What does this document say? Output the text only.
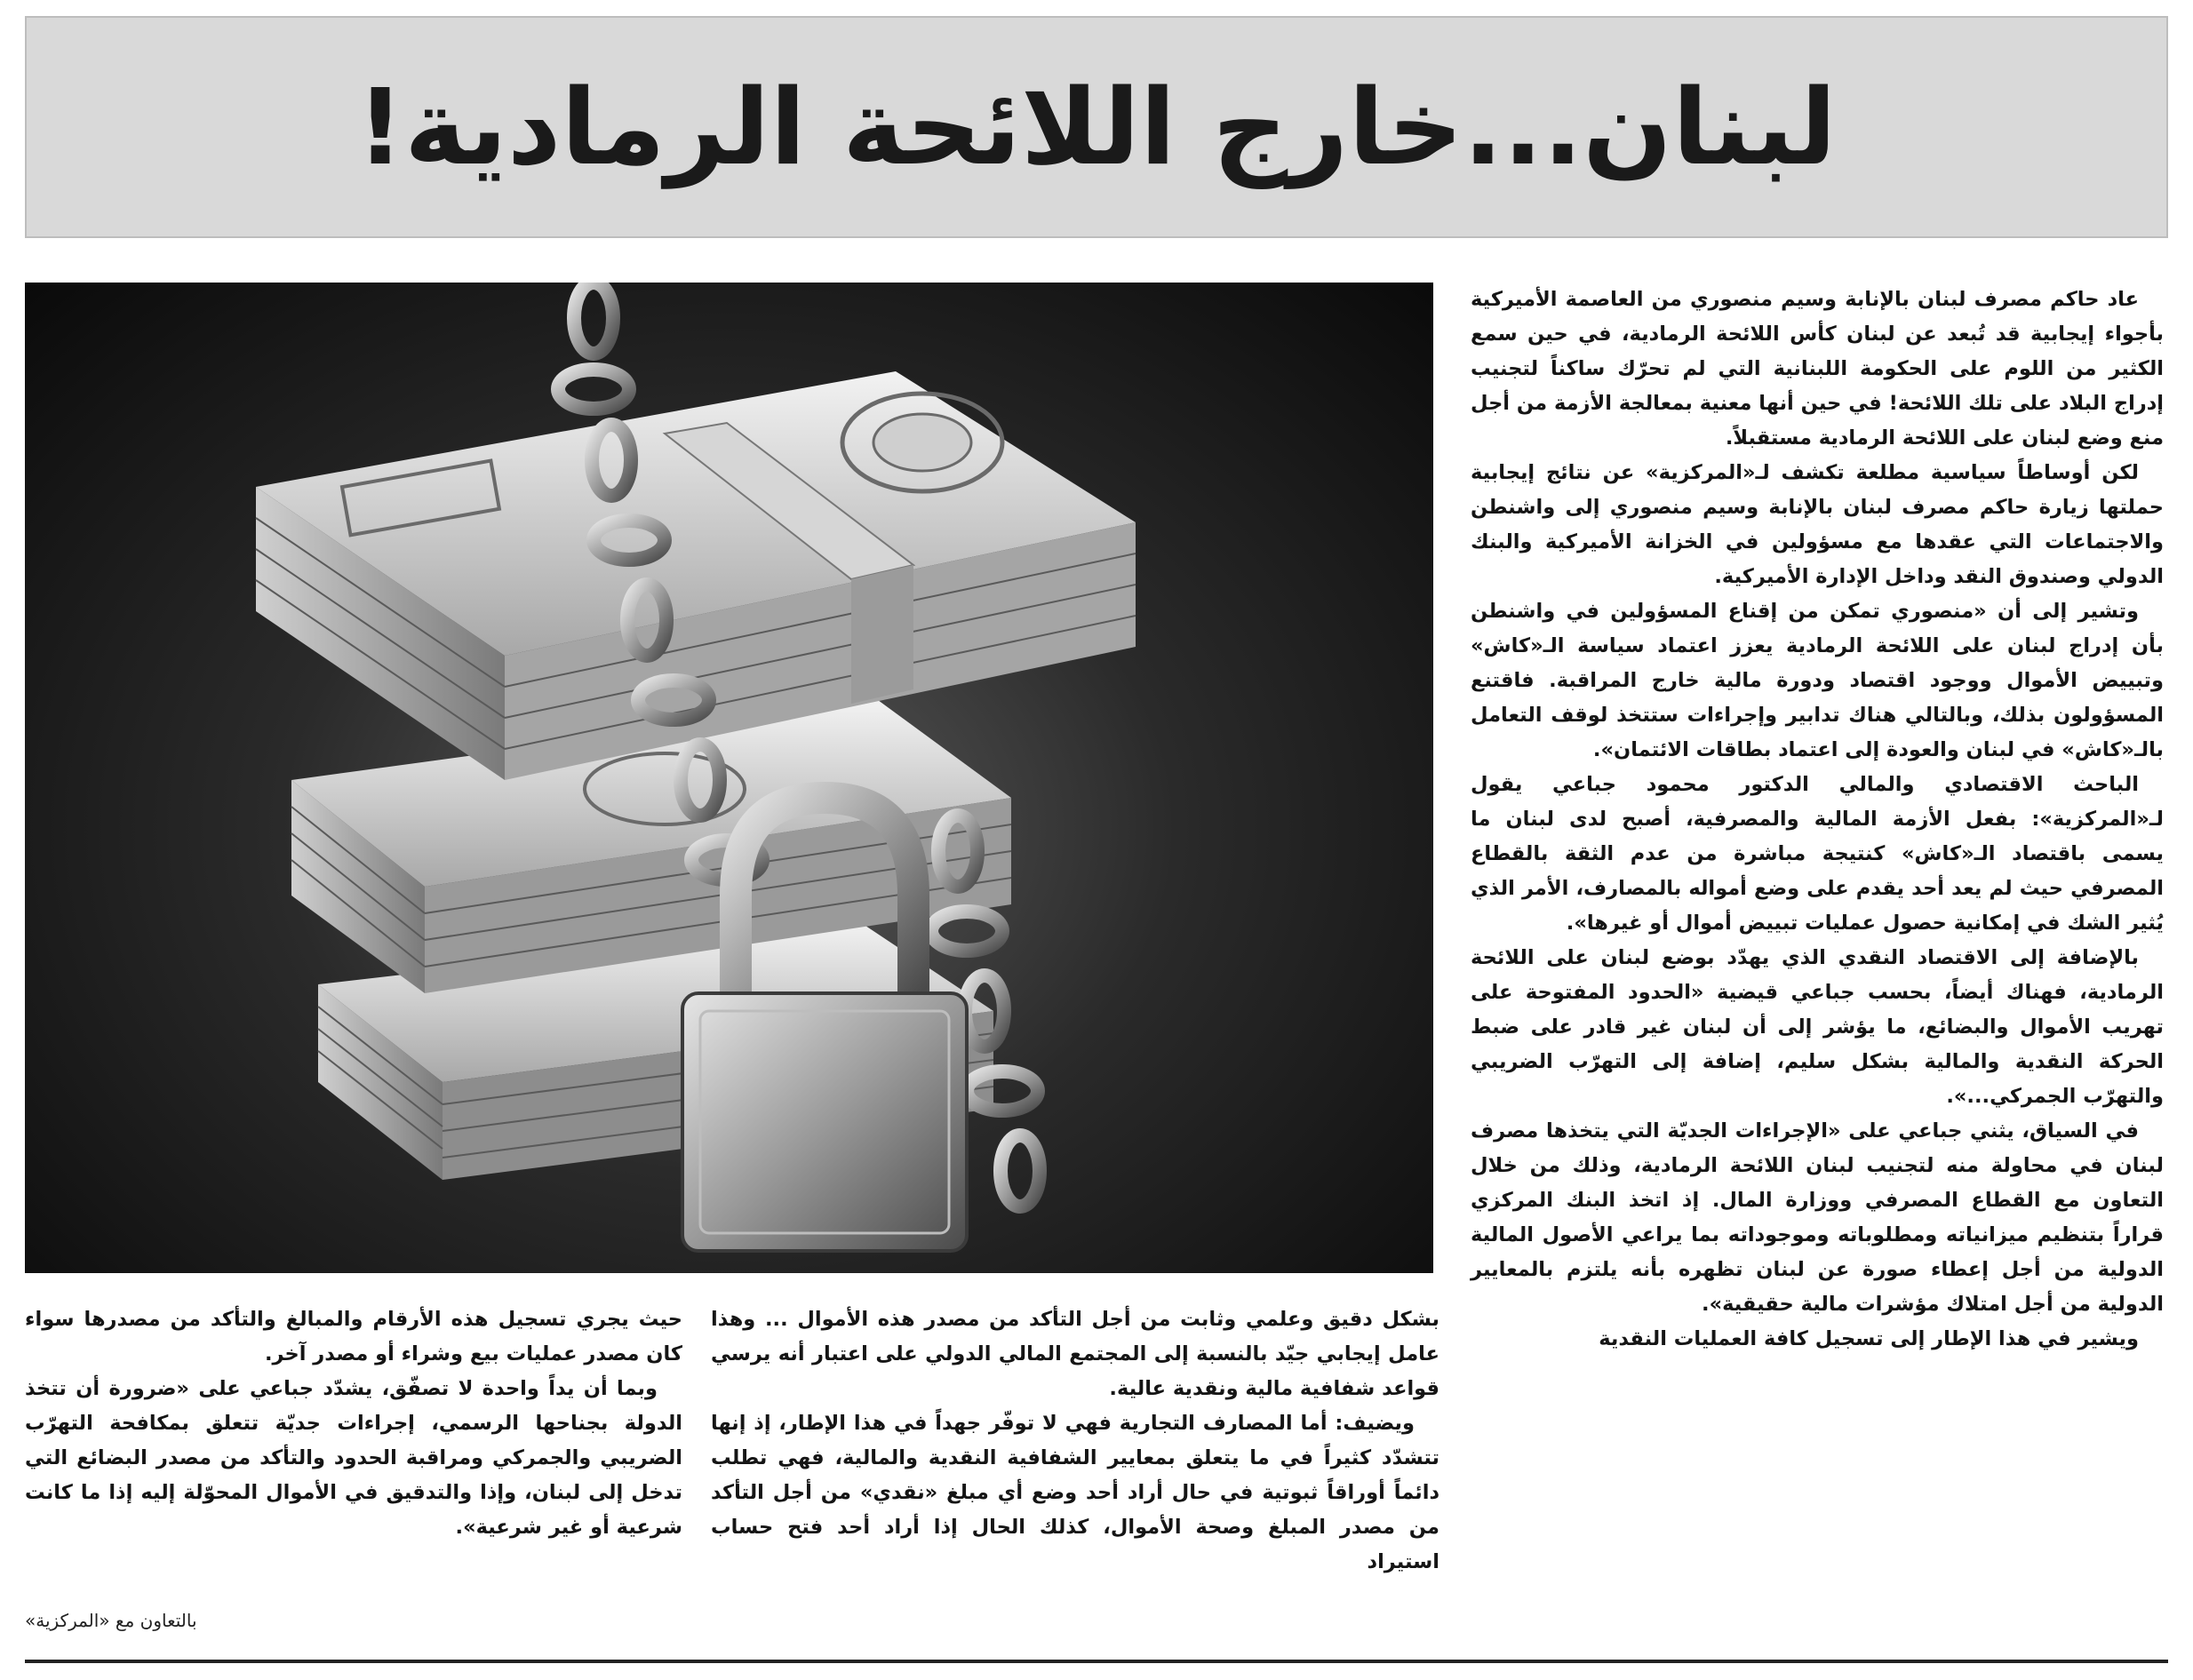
لبنان...خارج اللائحة الرمادية!

عاد حاكم مصرف لبنان بالإنابة وسيم منصوري من العاصمة الأميركية بأجواء إيجابية قد تُبعد عن لبنان كأس اللائحة الرمادية، في حين سمع الكثير من اللوم على الحكومة اللبنانية التي لم تحرّك ساكناً لتجنيب إدراج البلاد على تلك اللائحة! في حين أنها معنية بمعالجة الأزمة من أجل منع وضع لبنان على اللائحة الرمادية مستقبلاً.

لكن أوساطاً سياسية مطلعة تكشف لـ«المركزية» عن نتائج إيجابية حملتها زيارة حاكم مصرف لبنان بالإنابة وسيم منصوري إلى واشنطن والاجتماعات التي عقدها مع مسؤولين في الخزانة الأميركية والبنك الدولي وصندوق النقد وداخل الإدارة الأميركية.

وتشير إلى أن «منصوري تمكن من إقناع المسؤولين في واشنطن بأن إدراج لبنان على اللائحة الرمادية يعزز اعتماد سياسة الـ«كاش» وتبييض الأموال ووجود اقتصاد ودورة مالية خارج المراقبة. فاقتنع المسؤولون بذلك، وبالتالي هناك تدابير وإجراءات ستتخذ لوقف التعامل بالـ«كاش» في لبنان والعودة إلى اعتماد بطاقات الائتمان».

الباحث الاقتصادي والمالي الدكتور محمود جباعي يقول لـ«المركزية»: بفعل الأزمة المالية والمصرفية، أصبح لدى لبنان ما يسمى باقتصاد الـ«كاش» كنتيجة مباشرة من عدم الثقة بالقطاع المصرفي حيث لم يعد أحد يقدم على وضع أمواله بالمصارف، الأمر الذي يُثير الشك في إمكانية حصول عمليات تبييض أموال أو غيرها».

بالإضافة إلى الاقتصاد النقدي الذي يهدّد بوضع لبنان على اللائحة الرمادية، فهناك أيضاً، بحسب جباعي قيضية «الحدود المفتوحة على تهريب الأموال والبضائع، ما يؤشر إلى أن لبنان غير قادر على ضبط الحركة النقدية والمالية بشكل سليم، إضافة إلى التهرّب الضريبي والتهرّب الجمركي...».

في السياق، يثني جباعي على «الإجراءات الجديّة التي يتخذها مصرف لبنان في محاولة منه لتجنيب لبنان اللائحة الرمادية، وذلك من خلال التعاون مع القطاع المصرفي ووزارة المال. إذ اتخذ البنك المركزي قراراً بتنظيم ميزانياته ومطلوباته وموجوداته بما يراعي الأصول المالية الدولية من أجل إعطاء صورة عن لبنان تظهره بأنه يلتزم بالمعايير الدولية من أجل امتلاك مؤشرات مالية حقيقية».

ويشير في هذا الإطار إلى تسجيل كافة العمليات النقدية

بشكل دقيق وعلمي وثابت من أجل التأكد من مصدر هذه الأموال ... وهذا عامل إيجابي جيّد بالنسبة إلى المجتمع المالي الدولي على اعتبار أنه يرسي قواعد شفافية مالية ونقدية عالية.

ويضيف: أما المصارف التجارية فهي لا توفّر جهداً في هذا الإطار، إذ إنها تتشدّد كثيراً في ما يتعلق بمعايير الشفافية النقدية والمالية، فهي تطلب دائماً أوراقاً ثبوتية في حال أراد أحد وضع أي مبلغ «نقدي» من أجل التأكد من مصدر المبلغ وصحة الأموال، كذلك الحال إذا أراد أحد فتح حساب استيراد

حيث يجري تسجيل هذه الأرقام والمبالغ والتأكد من مصدرها سواء كان مصدر عمليات بيع وشراء أو مصدر آخر.

وبما أن يداً واحدة لا تصفّق، يشدّد جباعي على «ضرورة أن تتخذ الدولة بجناحها الرسمي، إجراءات جديّة تتعلق بمكافحة التهرّب الضريبي والجمركي ومراقبة الحدود والتأكد من مصدر البضائع التي تدخل إلى لبنان، وإذا والتدقيق في الأموال المحوّلة إليه إذا ما كانت شرعية أو غير شرعية».

بالتعاون مع «المركزية»
